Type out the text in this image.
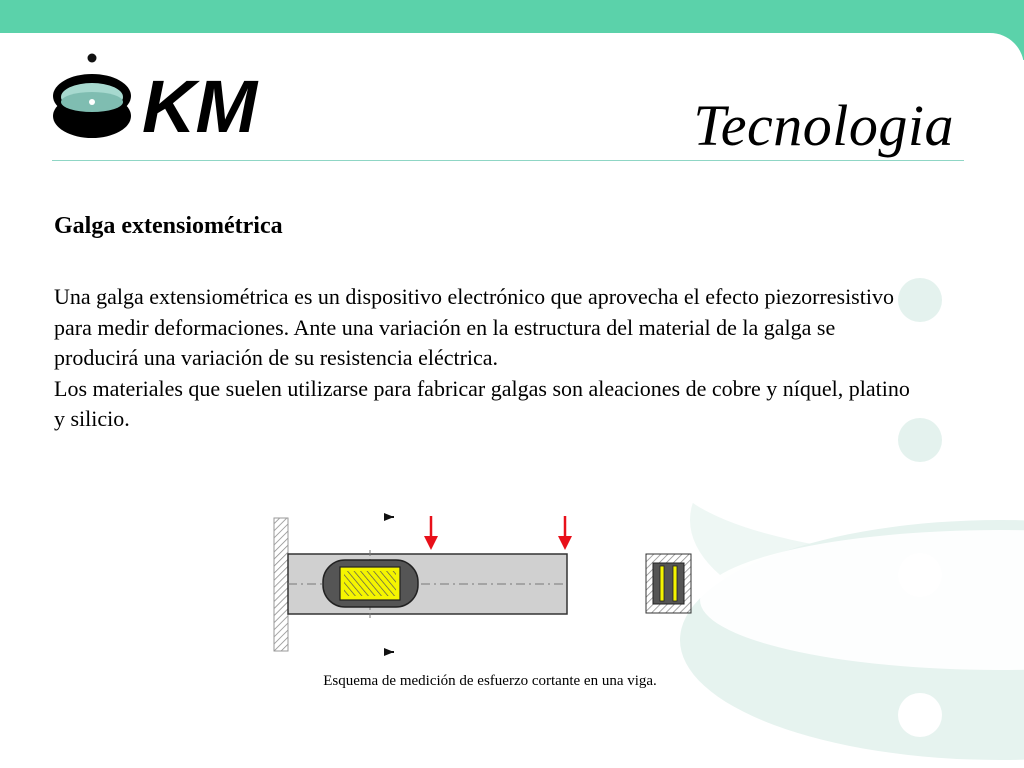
KM	Tecnologia
Galga extensiométrica

Una galga extensiométrica es un dispositivo electrónico que aprovecha el efecto piezorresistivo para medir deformaciones. Ante una variación en la estructura del material de la galga se producirá una variación de su resistencia eléctrica.

Los materiales que suelen utilizarse para fabricar galgas son aleaciones de cobre y níquel, platino y silicio.

Esquema de medición de esfuerzo cortante en una viga.
